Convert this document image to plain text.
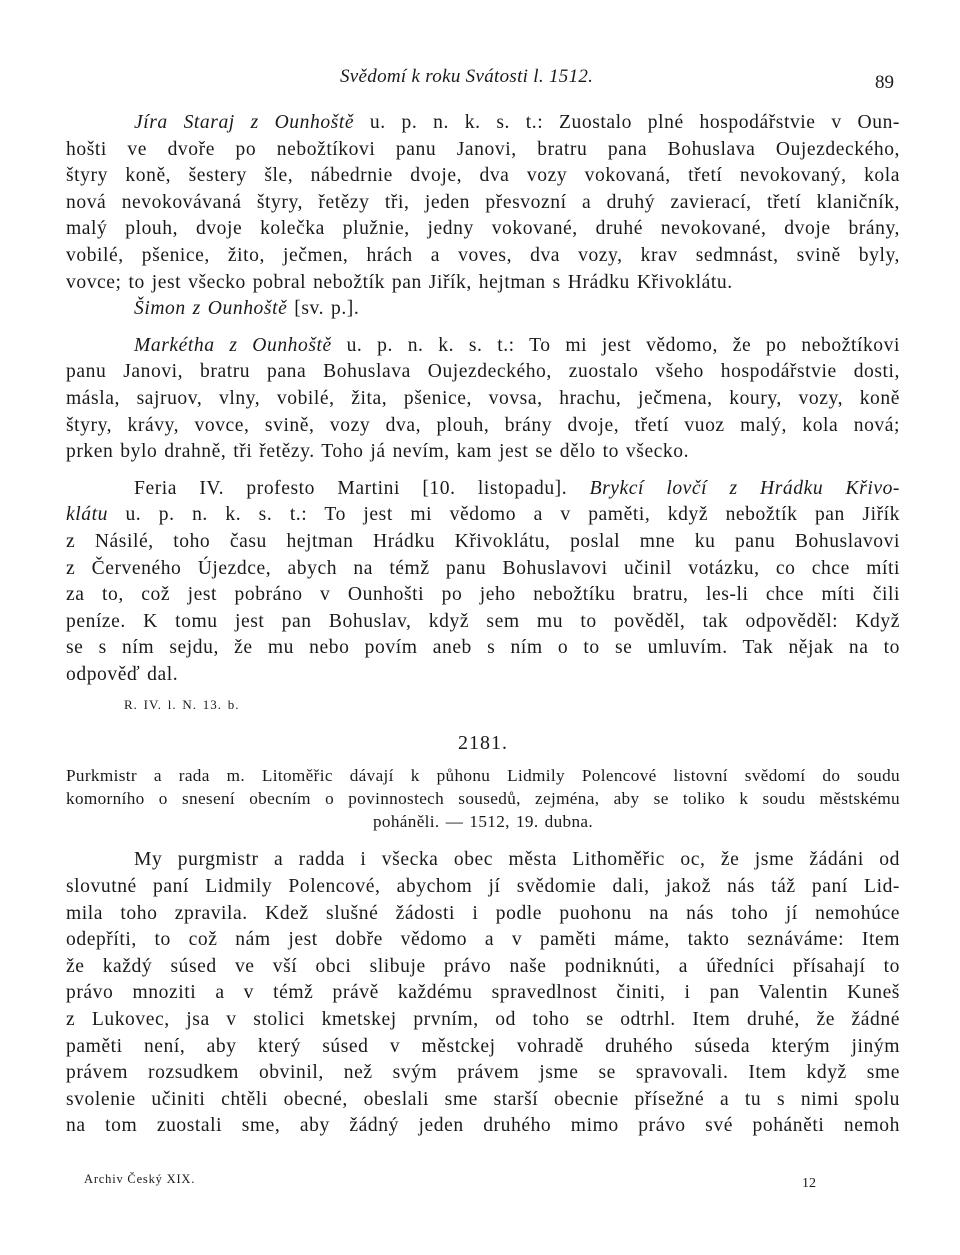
Svědomí k roku Svátosti l. 1512.	89
Jíra Staraj z Ounhoště u. p. n. k. s. t.: Zuostalo plné hospodářstvie v Oun-
hošti ve dvoře po nebožtíkovi panu Janovi, bratru pana Bohuslava Oujezdeckého,
štyry koně, šestery šle, nábedrnie dvoje, dva vozy vokovaná, třetí nevokovaný, kola
nová nevokovávaná štyry, řetězy tři, jeden přesvozní a druhý zavierací, třetí klaničník,
malý plouh, dvoje kolečka plužnie, jedny vokované, druhé nevokované, dvoje brány,
vobilé, pšenice, žito, ječmen, hrách a voves, dva vozy, krav sedmnást, svině byly,
vovce; to jest všecko pobral nebožtík pan Jiřík, hejtman s Hrádku Křivoklátu.
Šimon z Ounhoště [sv. p.].
Markétha z Ounhoště u. p. n. k. s. t.: To mi jest vědomo, že po nebožtíkovi
panu Janovi, bratru pana Bohuslava Oujezdeckého, zuostalo všeho hospodářstvie dosti,
másla, sajruov, vlny, vobilé, žita, pšenice, vovsa, hrachu, ječmena, koury, vozy, koně
štyry, krávy, vovce, svině, vozy dva, plouh, brány dvoje, třetí vuoz malý, kola nová;
prken bylo drahně, tři řetězy. Toho já nevím, kam jest se dělo to všecko.
Feria IV. profesto Martini [10. listopadu]. Brykcí lovčí z Hrádku Křivo-
klátu u. p. n. k. s. t.: To jest mi vědomo a v paměti, když nebožtík pan Jiřík
z Násilé, toho času hejtman Hrádku Křivoklátu, poslal mne ku panu Bohuslavovi
z Červeného Újezdce, abych na témž panu Bohuslavovi učinil votázku, co chce míti
za to, což jest pobráno v Ounhošti po jeho nebožtíku bratru, les-li chce míti čili
peníze. K tomu jest pan Bohuslav, když sem mu to pověděl, tak odpověděl: Když
se s ním sejdu, že mu nebo povím aneb s ním o to se umluvím. Tak nějak na to
odpověď dal.
R. IV. l. N. 13. b.
2181.
Purkmistr a rada m. Litoměřic dávají k půhonu Lidmily Polencové listovní svědomí do soudu
komorního o snesení obecním o povinnostech sousedů, zejména, aby se toliko k soudu městskému
poháněli. — 1512, 19. dubna.
My purgmistr a radda i všecka obec města Lithoměřic oc, že jsme žádáni od
slovutné paní Lidmily Polencové, abychom jí svědomie dali, jakož nás táž paní Lid-
mila toho zpravila. Kdež slušné žádosti i podle puohonu na nás toho jí nemohúce
odepříti, to což nám jest dobře vědomo a v paměti máme, takto seznáváme: Item
že každý súsed ve vší obci slibuje právo naše podniknúti, a úředníci přísahají to
právo mnoziti a v témž právě každému spravedlnost činiti, i pan Valentin Kuneš
z Lukovec, jsa v stolici kmetskej prvním, od toho se odtrhl. Item druhé, že žádné
paměti není, aby který súsed v městckej vohradě druhého súseda kterým jiným
právem rozsudkem obvinil, než svým právem jsme se spravovali. Item když sme
svolenie učiniti chtěli obecné, obeslali sme starší obecnie přísežné a tu s nimi spolu
na tom zuostali sme, aby žádný jeden druhého mimo právo své poháněti nemoh
Archiv Český XIX.	12
